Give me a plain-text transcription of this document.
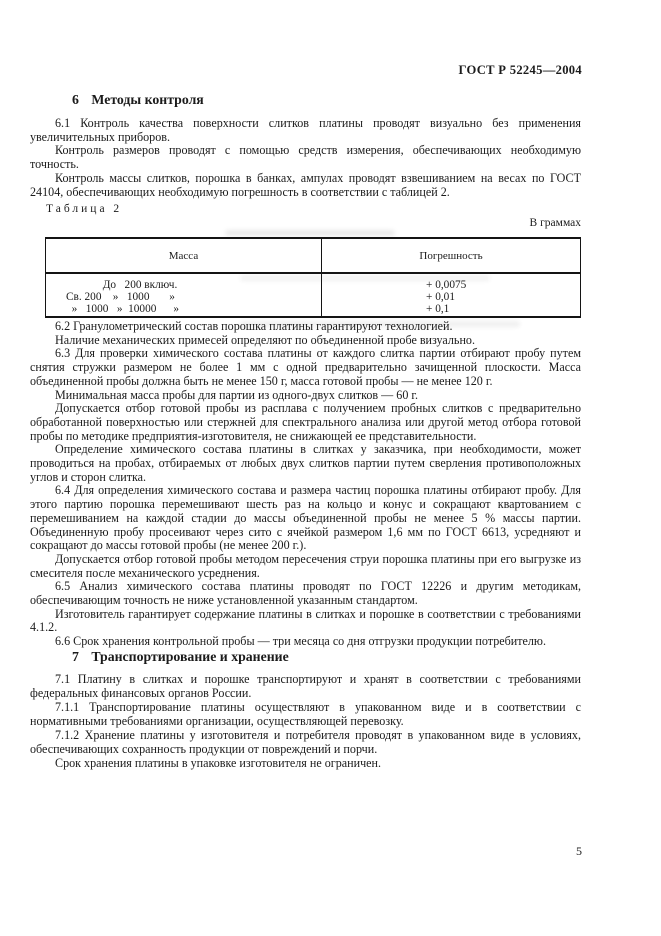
ГОСТ Р 52245—2004
6 Методы контроля

6.1 Контроль качества поверхности слитков платины проводят визуально без применения увеличительных приборов.

Контроль размеров проводят с помощью средств измерения, обеспечивающих необходимую точность.

Контроль массы слитков, порошка в банках, ампулах проводят взвешиванием на весах по ГОСТ 24104, обеспечивающих необходимую погрешность в соответствии с таблицей 2.

Таблица 2
В граммах
Масса	Погрешность
До   200 включ.
Св. 200    »   1000       »
»   1000   »  10000      »
+ 0,0075
+ 0,01
+ 0,1

6.2 Гранулометрический состав порошка платины гарантируют технологией.

Наличие механических примесей определяют по объединенной пробе визуально.

6.3 Для проверки химического состава платины от каждого слитка партии отбирают пробу путем снятия стружки размером не более 1 мм с одной предварительно зачищенной плоскости. Масса объединенной пробы должна быть не менее 150 г, масса готовой пробы — не менее 120 г.

Минимальная масса пробы для партии из одного-двух слитков — 60 г.

Допускается отбор готовой пробы из расплава с получением пробных слитков с предварительно обработанной поверхностью или стержней для спектрального анализа или другой метод отбора готовой пробы по методике предприятия-изготовителя, не снижающей ее представительности.

Определение химического состава платины в слитках у заказчика, при необходимости, может проводиться на пробах, отбираемых от любых двух слитков партии путем сверления противоположных углов и сторон слитка.

6.4 Для определения химического состава и размера частиц порошка платины отбирают пробу. Для этого партию порошка перемешивают шесть раз на кольцо и конус и сокращают квартованием с перемешиванием на каждой стадии до массы объединенной пробы не менее 5 % массы партии. Объединенную пробу просеивают через сито с ячейкой размером 1,6 мм по ГОСТ 6613, усредняют и сокращают до массы готовой пробы (не менее 200 г.).

Допускается отбор готовой пробы методом пересечения струи порошка платины при его выгрузке из смесителя после механического усреднения.

6.5 Анализ химического состава платины проводят по ГОСТ 12226 и другим методикам, обеспечивающим точность не ниже установленной указанным стандартом.

Изготовитель гарантирует содержание платины в слитках и порошке в соответствии с требованиями 4.1.2.

6.6 Срок хранения контрольной пробы — три месяца со дня отгрузки продукции потребителю.

7 Транспортирование и хранение

7.1 Платину в слитках и порошке транспортируют и хранят в соответствии с требованиями федеральных финансовых органов России.

7.1.1 Транспортирование платины осуществляют в упакованном виде и в соответствии с нормативными требованиями организации, осуществляющей перевозку.

7.1.2 Хранение платины у изготовителя и потребителя проводят в упакованном виде в условиях, обеспечивающих сохранность продукции от повреждений и порчи.

Срок хранения платины в упаковке изготовителя не ограничен.

5
